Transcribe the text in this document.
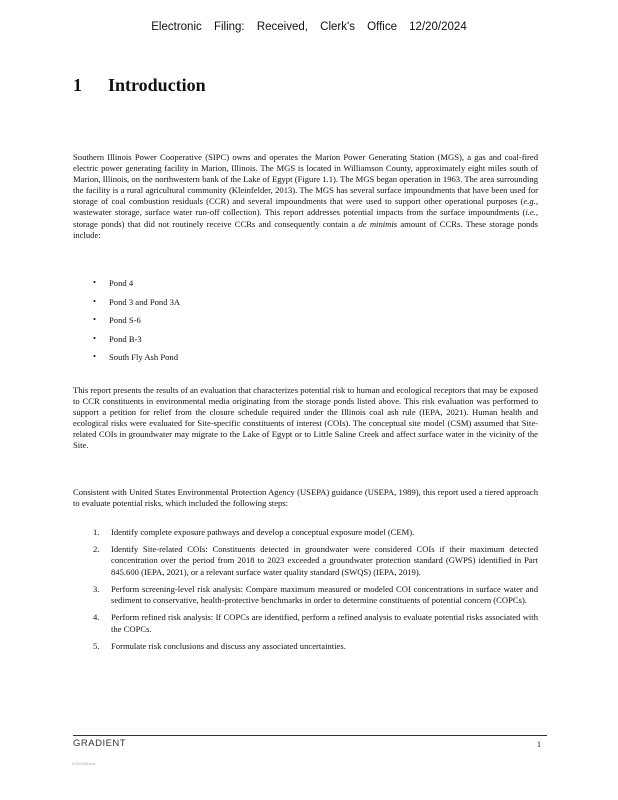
Electronic Filing: Received, Clerk's Office 12/20/2024
1 Introduction
Southern Illinois Power Cooperative (SIPC) owns and operates the Marion Power Generating Station (MGS), a gas and coal-fired electric power generating facility in Marion, Illinois. The MGS is located in Williamson County, approximately eight miles south of Marion, Illinois, on the northwestern bank of the Lake of Egypt (Figure 1.1). The MGS began operation in 1963. The area surrounding the facility is a rural agricultural community (Kleinfelder, 2013). The MGS has several surface impoundments that have been used for storage of coal combustion residuals (CCR) and several impoundments that were used to support other operational purposes (e.g., wastewater storage, surface water run-off collection). This report addresses potential impacts from the surface impoundments (i.e., storage ponds) that did not routinely receive CCRs and consequently contain a de minimis amount of CCRs. These storage ponds include:
• Pond 4
• Pond 3 and Pond 3A
• Pond S-6
• Pond B-3
• South Fly Ash Pond
This report presents the results of an evaluation that characterizes potential risk to human and ecological receptors that may be exposed to CCR constituents in environmental media originating from the storage ponds listed above. This risk evaluation was performed to support a petition for relief from the closure schedule required under the Illinois coal ash rule (IEPA, 2021). Human health and ecological risks were evaluated for Site-specific constituents of interest (COIs). The conceptual site model (CSM) assumed that Site-related COIs in groundwater may migrate to the Lake of Egypt or to Little Saline Creek and affect surface water in the vicinity of the Site.
Consistent with United States Environmental Protection Agency (USEPA) guidance (USEPA, 1989), this report used a tiered approach to evaluate potential risks, which included the following steps:
1. Identify complete exposure pathways and develop a conceptual exposure model (CEM).
2. Identify Site-related COIs: Constituents detected in groundwater were considered COIs if their maximum detected concentration over the period from 2018 to 2023 exceeded a groundwater protection standard (GWPS) identified in Part 845.600 (IEPA, 2021), or a relevant surface water quality standard (SWQS) (IEPA, 2019).
3. Perform screening-level risk analysis: Compare maximum measured or modeled COI concentrations in surface water and sediment to conservative, health-protective benchmarks in order to determine constituents of potential concern (COPCs).
4. Perform refined risk analysis: If COPCs are identified, perform a refined analysis to evaluate potential risks associated with the COPCs.
5. Formulate risk conclusions and discuss any associated uncertainties.
GRADIENT	1
K220406.doc
